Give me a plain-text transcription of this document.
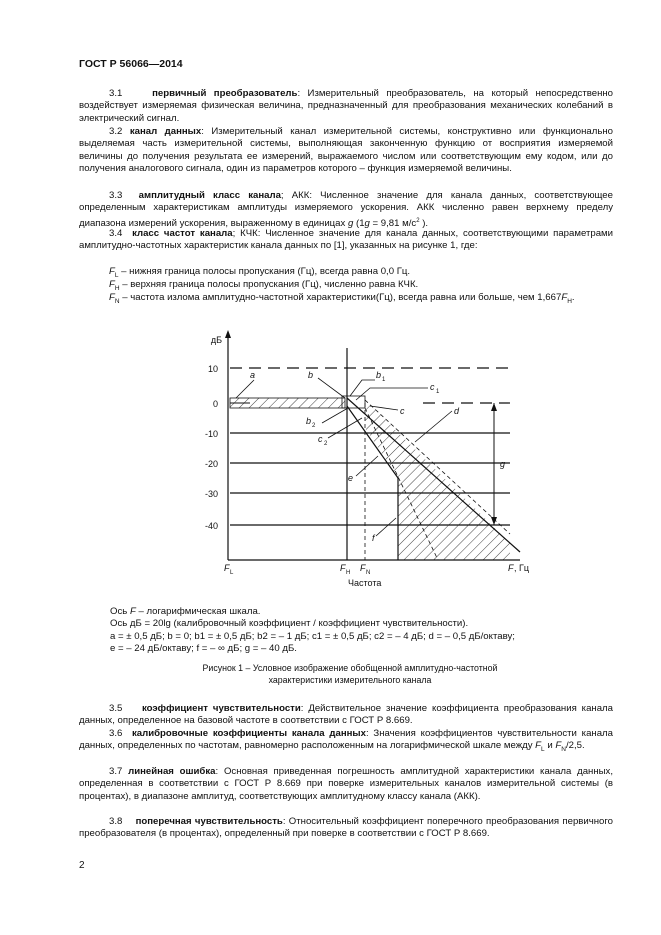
ГОСТ Р 56066—2014
3.1	первичный преобразователь: Измерительный преобразователь, на который непосредственно воздействует измеряемая физическая величина, предназначенный для преобразования механических колебаний в электрический сигнал.
3.2 канал данных: Измерительный канал измерительной системы, конструктивно или функционально выделяемая часть измерительной системы, выполняющая законченную функцию от восприятия измеряемой величины до получения результата ее измерений, выражаемого числом или соответствующим ему кодом, или до получения аналогового сигнала, один из параметров которого – функция измеряемой величины.
3.3 амплитудный класс канала; АКК: Численное значение для канала данных, соответствующее определенным характеристикам амплитуды измеряемого ускорения. АКК численно равен верхнему пределу диапазона измерений ускорения, выраженному в единицах g (1g = 9,81 $м/с^2$ ).
3.4 класс частот канала; КЧК: Численное значение для канала данных, соответствующими параметрами амплитудно-частотных характеристик канала данных по [1], указанных на рисунке 1, где:
$F_L$ – нижняя граница полосы пропускания (Гц), всегда равна 0,0 Гц.
$F_H$ – верхняя граница полосы пропускания (Гц), численно равна КЧК.
$F_N$ – частота излома амплитудно-частотной характеристики(Гц), всегда равна или больше, чем $1,667F_H$.
дБ
10
0
-10
-20
-30
-40
F L	F H F N
Частота
F , Гц
a	b	b 1
c 1
c	d
b 2
c 2
e
f
g
Ось F – логарифмическая шкала.
Ось дБ = 20lg (калибровочный коэффициент / коэффициент чувствительности).
a = ± 0,5 дБ; b = 0; b1 = ± 0,5 дБ; b2 = – 1 дБ; c1 = ± 0,5 дБ; c2 = – 4 дБ; d = – 0,5 дБ/октаву;
e = – 24 дБ/октаву; f = – ∞ дБ; g = – 40 дБ.
Рисунок 1 – Условное изображение обобщенной амплитудно-частотной
характеристики измерительного канала
3.5 коэффициент чувствительности: Действительное значение коэффициента преобразования канала данных, определенное на базовой частоте в соответствии с ГОСТ Р 8.669.
3.6 калибровочные коэффициенты канала данных: Значения коэффициентов чувствительности канала данных, определенных по частотам, равномерно расположенным на логарифмической шкале между $F_L$ и $F_N/2,5$.
3.7 линейная ошибка: Основная приведенная погрешность амплитудной характеристики канала данных, определенная в соответствии с ГОСТ Р 8.669 при поверке измерительных каналов измерительной системы (в процентах), в диапазоне амплитуд, соответствующих амплитудному классу канала (АКК).
3.8 поперечная чувствительность: Относительный коэффициент поперечного преобразования первичного преобразователя (в процентах), определенный при поверке в соответствии с ГОСТ Р 8.669.
2
